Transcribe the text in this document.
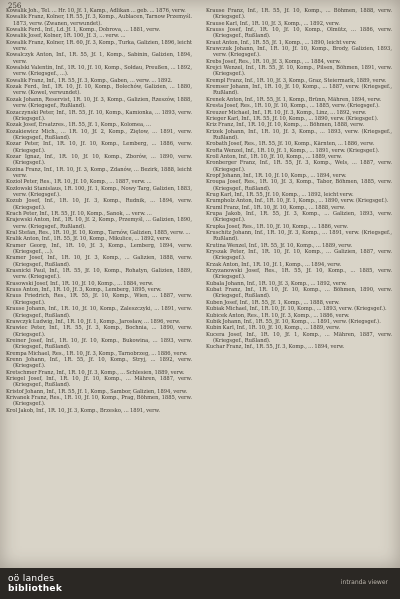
256

Kowalik Joh., Tel. ... Hr. 10, Jf. 1, Kamp., Adlikan ... geb. ... 1876, verw.

Kowalik Franz, Kolner, 1R. 55, Jf. 3, Komp., Aublacen, Tarnow Przemyśl. 1873, verw. (Zwanen, verwundet).

Kowalik Ferd., Inf., Ld. Jf. 1, Komp., Dobrova, ... 1881, verw.

Kowalik Josef, Kolner, 1R. 100, Jf. 3, ... verw. ...

Kowalik Franz, Kolner, 1R. 60, Jf. 3, Komp., Turka, Galizien, 1896, leicht verw.

Kowalczyk Anton, Inf., 1R. 55, Jf. 1, Komp., Sabinin, Galizien, 1894, verw.

Kowalski Valentin, Inf., 1R. 10, Jf. 10, Komp., Sołdau, Preußen, ... 1892, verw. (Kriegsgef., ...).

Kowalik Franz, Inf., 1R. 55, Jf. 3, Komp., Gaben, ... verw. ... 1892.

Kozak Ferd., Inf., 1R. 10, Jf. 10, Komp., Bolechów, Galizien, ... 1880, verw. (Kowel, verwundet).

Kozak Johann, Reservist, 1R. 10, Jf. 3, Komp., Galizien, Rzeszów, 1888, verw. (Kriegsgef., Rußland).

Kozaczynski Peter, Inf., 1R. 55, Jf. 10, Komp., Kamionka, ... 1893, verw. (Kriegsgef.).

Kozak Josef, Ersatzres., 1R. 55, Jf. 1, Komp., Kolomea, ...

Kozakiewicz Mich., ... 1R. 10, Jf. 2, Komp., Ziętow, ... 1891, verw. (Kriegsgef., Rußland).

Kozar Peter, Inf., 1R. 10, Jf. 10, Komp., Lemberg, ... 1886, verw. (Kriegsgef.).

Kozar Ignaz, Inf., 1R. 10, Jf. 10, Komp., Zborów, ... 1890, verw. (Kriegsgef.).

Kozina Franz, Inf., 1R. 10, Jf. 3, Komp., Zdanów, ... Bezirk, 1888, leicht verw.

Kozioł Peter, Res., 1R. 10, Jf. 10, Komp., ... 1887, verw. ...

Kozłowski Stanislaus, 1R. 100, Jf. 1, Komp., Nowy Targ, Galizien, 1883, verw. (Kriegsgef.).

Kozub Josef, Inf., 1R. 10, Jf. 3, Komp., Rudnik, ... 1894, verw. (Kriegsgef.).

Krach Peter, Inf., 1R. 55, Jf. 10, Komp., Sanok, ... verw. ...

Krajewski Anton, Inf., 1R. 10, Jf. 2, Komp., Przemyśl, ... Galizien, 1890, verw. (Kriegsgef., Rußland).

Kral Stefan, Res., 1R. 10, Jf. 10, Komp., Tarnów, Galizien, 1885, verw. ...

Kralik Anton, Inf., 1R. 55, Jf. 10, Komp., Mikulice, ... 1892, verw.

Kramer Georg, Inf., 1R. 10, Jf. 3, Komp., Lemberg, 1894, verw. (Kriegsgef., ...).

Kramer Josef, Inf., 1R. 10, Jf. 3, Komp., ... Galizien, 1888, verw. (Kriegsgef., Rußland).

Krasnicki Paul, Inf., 1R. 55, Jf. 10, Komp., Rohatyn, Galizien, 1889, verw. (Kriegsgef.).

Krasowski Josef, Inf., 1R. 10, Jf. 10, Komp., ... 1884, verw.

Kraus Anton, Inf., 1R. 10, Jf. 3, Komp., Lemberg, 1895, verw.

Kraus Friedrich, Res., 1R. 55, Jf. 10, Komp., Wien, ... 1887, verw. (Kriegsgef.).

Krause Johann, Inf., 1R. 10, Jf. 10, Komp., Zaleszczyki, ... 1891, verw. (Kriegsgef., Rußland).

Krawczyk Ludwig, Inf., 1R. 10, Jf. 1, Komp., Jarosław, ... 1896, verw.

Krawiec Peter, Inf., 1R. 55, Jf. 3, Komp., Bochnia, ... 1890, verw. (Kriegsgef.).

Kreiner Josef, Inf., 1R. 10, Jf. 10, Komp., Bukowina, ... 1893, verw. (Kriegsgef., Rußland).

Krempa Michael, Res., 1R. 10, Jf. 3, Komp., Tarnobrzeg, ... 1886, verw.

Krenn Johann, Inf., 1R. 55, Jf. 10, Komp., Stryj, ... 1892, verw. (Kriegsgef.).

Kretschmer Franz, Inf., 1R. 10, Jf. 3, Komp., ... Schlesien, 1889, verw.

Kriegel Josef, Inf., 1R. 10, Jf. 10, Komp., ... Mähren, 1887, verw. (Kriegsgef., Rußland).

Kristof Johann, Inf., 1R. 55, Jf. 1, Komp., Sambor, Galizien, 1894, verw.

Krivanek Franz, Res., 1R. 10, Jf. 10, Komp., Prag, Böhmen, 1885, verw. (Kriegsgef.).

Krol Jakob, Inf., 1R. 10, Jf. 3, Komp., Brzesko, ... 1891, verw.

Krause Franz, Inf., 1R. 55, Jf. 10, Komp., ... Böhmen, 1888, verw. (Kriegsgef.).

Krause Karl, Inf., 1R. 10, Jf. 3, Komp., ... 1892, verw.

Krauss Josef, Inf., 1R. 10, Jf. 10, Komp., Olmütz, ... 1886, verw. (Kriegsgef., Rußland).

Kraut Anton, Inf., 1R. 55, Jf. 1, Komp., ... 1890, leicht verw.

Krawczuk Johann, Inf., 1R. 10, Jf. 10, Komp., Brody, Galizien, 1893, verw. (Kriegsgef.).

Krebs Josef, Res., 1R. 10, Jf. 3, Komp., ... 1884, verw.

Krejci Wenzel, Inf., 1R. 55, Jf. 10, Komp., Pilsen, Böhmen, 1891, verw. (Kriegsgef.).

Krempl Franz, Inf., 1R. 10, Jf. 3, Komp., Graz, Steiermark, 1889, verw.

Kremser Johann, Inf., 1R. 10, Jf. 10, Komp., ... 1887, verw. (Kriegsgef., Rußland).

Krenek Anton, Inf., 1R. 55, Jf. 1, Komp., Brünn, Mähren, 1894, verw.

Kresta Josef, Res., 1R. 10, Jf. 10, Komp., ... 1885, verw. (Kriegsgef.).

Kreuzer Michael, Inf., 1R. 10, Jf. 3, Komp., Linz, ... 1892, verw.

Krieger Karl, Inf., 1R. 55, Jf. 10, Komp., ... 1890, verw. (Kriegsgef.).

Kriz Franz, Inf., 1R. 10, Jf. 10, Komp., ... Böhmen, 1888, verw.

Krizek Johann, Inf., 1R. 10, Jf. 3, Komp., ... 1893, verw. (Kriegsgef., Rußland).

Krobath Josef, Res., 1R. 55, Jf. 10, Komp., Kärnten, ... 1886, verw.

Krofta Wenzel, Inf., 1R. 10, Jf. 1, Komp., ... 1891, verw. (Kriegsgef.).

Kroll Anton, Inf., 1R. 10, Jf. 10, Komp., ... 1889, verw.

Kronberger Franz, Inf., 1R. 55, Jf. 3, Komp., Wels, ... 1887, verw. (Kriegsgef.).

Kropf Johann, Inf., 1R. 10, Jf. 10, Komp., ... 1894, verw.

Kroupa Josef, Res., 1R. 10, Jf. 3, Komp., Tabor, Böhmen, 1885, verw. (Kriegsgef., Rußland).

Krug Karl, Inf., 1R. 55, Jf. 10, Komp., ... 1892, leicht verw.

Krumpholz Anton, Inf., 1R. 10, Jf. 1, Komp., ... 1890, verw. (Kriegsgef.).

Kruml Franz, Inf., 1R. 10, Jf. 10, Komp., ... 1888, verw.

Krupa Jakob, Inf., 1R. 55, Jf. 3, Komp., ... Galizien, 1893, verw. (Kriegsgef.).

Krupka Josef, Res., 1R. 10, Jf. 10, Komp., ... 1886, verw.

Kruschitz Johann, Inf., 1R. 10, Jf. 3, Komp., ... 1891, verw. (Kriegsgef., Rußland).

Krutina Wenzel, Inf., 1R. 55, Jf. 10, Komp., ... 1889, verw.

Kryszak Peter, Inf., 1R. 10, Jf. 10, Komp., ... Galizien, 1887, verw. (Kriegsgef.).

Krzak Anton, Inf., 1R. 10, Jf. 1, Komp., ... 1894, verw.

Krzyzanowski Josef, Res., 1R. 55, Jf. 10, Komp., ... 1885, verw. (Kriegsgef.).

Kubala Johann, Inf., 1R. 10, Jf. 3, Komp., ... 1892, verw.

Kubat Franz, Inf., 1R. 10, Jf. 10, Komp., ... Böhmen, 1890, verw. (Kriegsgef., Rußland).

Kuben Josef, Inf., 1R. 55, Jf. 1, Komp., ... 1888, verw.

Kubiak Michael, Inf., 1R. 10, Jf. 10, Komp., ... 1893, verw. (Kriegsgef.).

Kubicek Anton, Res., 1R. 10, Jf. 3, Komp., ... 1886, verw.

Kubik Johann, Inf., 1R. 55, Jf. 10, Komp., ... 1891, verw. (Kriegsgef.).

Kubin Karl, Inf., 1R. 10, Jf. 10, Komp., ... 1889, verw.

Kucera Josef, Inf., 1R. 10, Jf. 1, Komp., ... Mähren, 1887, verw. (Kriegsgef., Rußland).

Kuchar Franz, Inf., 1R. 55, Jf. 3, Komp., ... 1894, verw.

oö landes
bibliothek
intranda viewer
